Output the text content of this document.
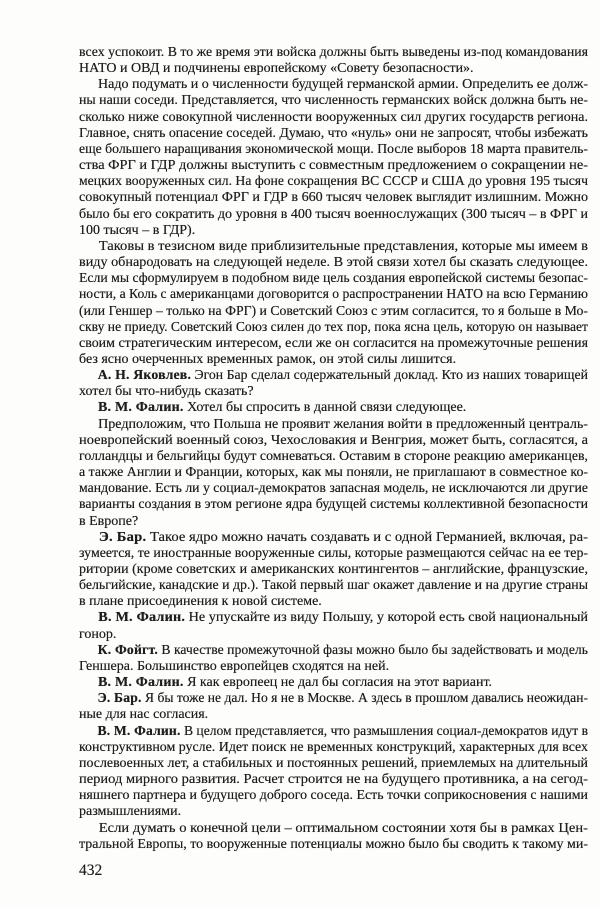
всех успокоит. В то же время эти войска должны быть выведены из-под командования
НАТО и ОВД и подчинены европейскому «Совету безопасности».
Надо подумать и о численности будущей германской армии. Определить ее долж-
ны наши соседи. Представляется, что численность германских войск должна быть не-
сколько ниже совокупной численности вооруженных сил других государств региона.
Главное, снять опасение соседей. Думаю, что «нуль» они не запросят, чтобы избежать
еще большего наращивания экономической мощи. После выборов 18 марта правитель-
ства ФРГ и ГДР должны выступить с совместным предложением о сокращении не-
мецких вооруженных сил. На фоне сокращения ВС СССР и США до уровня 195 тысяч
совокупный потенциал ФРГ и ГДР в 660 тысяч человек выглядит излишним. Можно
было бы его сократить до уровня в 400 тысяч военнослужащих (300 тысяч – в ФРГ и
100 тысяч – в ГДР).
Таковы в тезисном виде приблизительные представления, которые мы имеем в
виду обнародовать на следующей неделе. В этой связи хотел бы сказать следующее.
Если мы сформулируем в подобном виде цель создания европейской системы безопас-
ности, а Коль с американцами договорится о распространении НАТО на всю Германию
(или Геншер – только на ФРГ) и Советский Союз с этим согласится, то я больше в Мо-
скву не приеду. Советский Союз силен до тех пор, пока ясна цель, которую он называет
своим стратегическим интересом, если же он согласится на промежуточные решения
без ясно очерченных временных рамок, он этой силы лишится.
А. Н. Яковлев. Эгон Бар сделал содержательный доклад. Кто из наших товарищей
хотел бы что-нибудь сказать?
В. М. Фалин. Хотел бы спросить в данной связи следующее.
Предположим, что Польша не проявит желания войти в предложенный централь-
ноевропейский военный союз, Чехословакия и Венгрия, может быть, согласятся, а
голландцы и бельгийцы будут сомневаться. Оставим в стороне реакцию американцев,
а также Англии и Франции, которых, как мы поняли, не приглашают в совместное ко-
мандование. Есть ли у социал-демократов запасная модель, не исключаются ли другие
варианты создания в этом регионе ядра будущей системы коллективной безопасности
в Европе?
Э. Бар. Такое ядро можно начать создавать и с одной Германией, включая, ра-
зумеется, те иностранные вооруженные силы, которые размещаются сейчас на ее тер-
ритории (кроме советских и американских контингентов – английские, французские,
бельгийские, канадские и др.). Такой первый шаг окажет давление и на другие страны
в плане присоединения к новой системе.
В. М. Фалин. Не упускайте из виду Польшу, у которой есть свой национальный
гонор.
К. Фойгт. В качестве промежуточной фазы можно было бы задействовать и модель
Геншера. Большинство европейцев сходятся на ней.
В. М. Фалин. Я как европеец не дал бы согласия на этот вариант.
Э. Бар. Я бы тоже не дал. Но я не в Москве. А здесь в прошлом давались неожидан-
ные для нас согласия.
В. М. Фалин. В целом представляется, что размышления социал-демократов идут в
конструктивном русле. Идет поиск не временных конструкций, характерных для всех
послевоенных лет, а стабильных и постоянных решений, приемлемых на длительный
период мирного развития. Расчет строится не на будущего противника, а на сегод-
няшнего партнера и будущего доброго соседа. Есть точки соприкосновения с нашими
размышлениями.
Если думать о конечной цели – оптимальном состоянии хотя бы в рамках Цен-
тральной Европы, то вооруженные потенциалы можно было бы сводить к такому ми-
432
